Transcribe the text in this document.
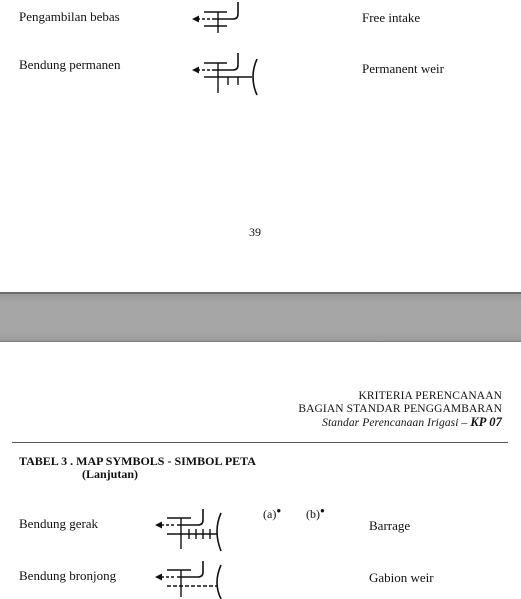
Pengambilan bebas	Free intake
Bendung permanen	Permanent weir
39
KRITERIA PERENCANAAN
BAGIAN STANDAR PENGGAMBARAN
Standar Perencanaan Irigasi – KP 07
TABEL 3 . MAP SYMBOLS - SIMBOL PETA
(Lanjutan)
(a)● (b)●
Bendung gerak	Barrage
Bendung bronjong	Gabion weir
